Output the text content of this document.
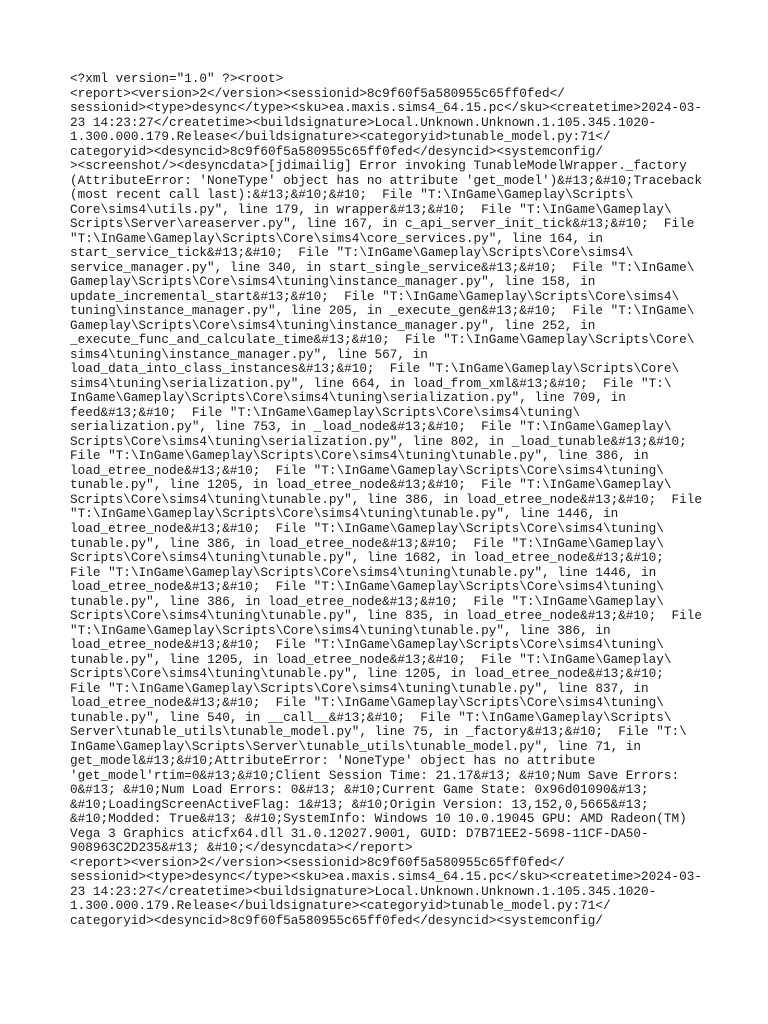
<?xml version="1.0" ?><root>
<report><version>2</version><sessionid>8c9f60f5a580955c65ff0fed</
sessionid><type>desync</type><sku>ea.maxis.sims4_64.15.pc</sku><createtime>2024-03-
23 14:23:27</createtime><buildsignature>Local.Unknown.Unknown.1.105.345.1020-
1.300.000.179.Release</buildsignature><categoryid>tunable_model.py:71</
categoryid><desyncid>8c9f60f5a580955c65ff0fed</desyncid><systemconfig/
><screenshot/><desyncdata>[jdimailig] Error invoking TunableModelWrapper._factory
(AttributeError: 'NoneType' object has no attribute 'get_model')&#13;&#10;Traceback
(most recent call last):&#13;&#10;&#10;  File "T:\InGame\Gameplay\Scripts\
Core\sims4\utils.py", line 179, in wrapper&#13;&#10;  File "T:\InGame\Gameplay\
Scripts\Server\areaserver.py", line 167, in c_api_server_init_tick&#13;&#10;  File
"T:\InGame\Gameplay\Scripts\Core\sims4\core_services.py", line 164, in
start_service_tick&#13;&#10;  File "T:\InGame\Gameplay\Scripts\Core\sims4\
service_manager.py", line 340, in start_single_service&#13;&#10;  File "T:\InGame\
Gameplay\Scripts\Core\sims4\tuning\instance_manager.py", line 158, in
update_incremental_start&#13;&#10;  File "T:\InGame\Gameplay\Scripts\Core\sims4\
tuning\instance_manager.py", line 205, in _execute_gen&#13;&#10;  File "T:\InGame\
Gameplay\Scripts\Core\sims4\tuning\instance_manager.py", line 252, in
_execute_func_and_calculate_time&#13;&#10;  File "T:\InGame\Gameplay\Scripts\Core\
sims4\tuning\instance_manager.py", line 567, in
load_data_into_class_instances&#13;&#10;  File "T:\InGame\Gameplay\Scripts\Core\
sims4\tuning\serialization.py", line 664, in load_from_xml&#13;&#10;  File "T:\
InGame\Gameplay\Scripts\Core\sims4\tuning\serialization.py", line 709, in
feed&#13;&#10;  File "T:\InGame\Gameplay\Scripts\Core\sims4\tuning\
serialization.py", line 753, in _load_node&#13;&#10;  File "T:\InGame\Gameplay\
Scripts\Core\sims4\tuning\serialization.py", line 802, in _load_tunable&#13;&#10;
File "T:\InGame\Gameplay\Scripts\Core\sims4\tuning\tunable.py", line 386, in
load_etree_node&#13;&#10;  File "T:\InGame\Gameplay\Scripts\Core\sims4\tuning\
tunable.py", line 1205, in load_etree_node&#13;&#10;  File "T:\InGame\Gameplay\
Scripts\Core\sims4\tuning\tunable.py", line 386, in load_etree_node&#13;&#10;  File
"T:\InGame\Gameplay\Scripts\Core\sims4\tuning\tunable.py", line 1446, in
load_etree_node&#13;&#10;  File "T:\InGame\Gameplay\Scripts\Core\sims4\tuning\
tunable.py", line 386, in load_etree_node&#13;&#10;  File "T:\InGame\Gameplay\
Scripts\Core\sims4\tuning\tunable.py", line 1682, in load_etree_node&#13;&#10;
File "T:\InGame\Gameplay\Scripts\Core\sims4\tuning\tunable.py", line 1446, in
load_etree_node&#13;&#10;  File "T:\InGame\Gameplay\Scripts\Core\sims4\tuning\
tunable.py", line 386, in load_etree_node&#13;&#10;  File "T:\InGame\Gameplay\
Scripts\Core\sims4\tuning\tunable.py", line 835, in load_etree_node&#13;&#10;  File
"T:\InGame\Gameplay\Scripts\Core\sims4\tuning\tunable.py", line 386, in
load_etree_node&#13;&#10;  File "T:\InGame\Gameplay\Scripts\Core\sims4\tuning\
tunable.py", line 1205, in load_etree_node&#13;&#10;  File "T:\InGame\Gameplay\
Scripts\Core\sims4\tuning\tunable.py", line 1205, in load_etree_node&#13;&#10;
File "T:\InGame\Gameplay\Scripts\Core\sims4\tuning\tunable.py", line 837, in
load_etree_node&#13;&#10;  File "T:\InGame\Gameplay\Scripts\Core\sims4\tuning\
tunable.py", line 540, in __call__&#13;&#10;  File "T:\InGame\Gameplay\Scripts\
Server\tunable_utils\tunable_model.py", line 75, in _factory&#13;&#10;  File "T:\
InGame\Gameplay\Scripts\Server\tunable_utils\tunable_model.py", line 71, in
get_model&#13;&#10;AttributeError: 'NoneType' object has no attribute
'get_model'rtim=0&#13;&#10;Client Session Time: 21.17&#13; &#10;Num Save Errors:
0&#13; &#10;Num Load Errors: 0&#13; &#10;Current Game State: 0x96d01090&#13;
&#10;LoadingScreenActiveFlag: 1&#13; &#10;Origin Version: 13,152,0,5665&#13;
&#10;Modded: True&#13; &#10;SystemInfo: Windows 10 10.0.19045 GPU: AMD Radeon(TM)
Vega 3 Graphics aticfx64.dll 31.0.12027.9001, GUID: D7B71EE2-5698-11CF-DA50-
908963C2D235&#13; &#10;</desyncdata></report>
<report><version>2</version><sessionid>8c9f60f5a580955c65ff0fed</
sessionid><type>desync</type><sku>ea.maxis.sims4_64.15.pc</sku><createtime>2024-03-
23 14:23:27</createtime><buildsignature>Local.Unknown.Unknown.1.105.345.1020-
1.300.000.179.Release</buildsignature><categoryid>tunable_model.py:71</
categoryid><desyncid>8c9f60f5a580955c65ff0fed</desyncid><systemconfig/
